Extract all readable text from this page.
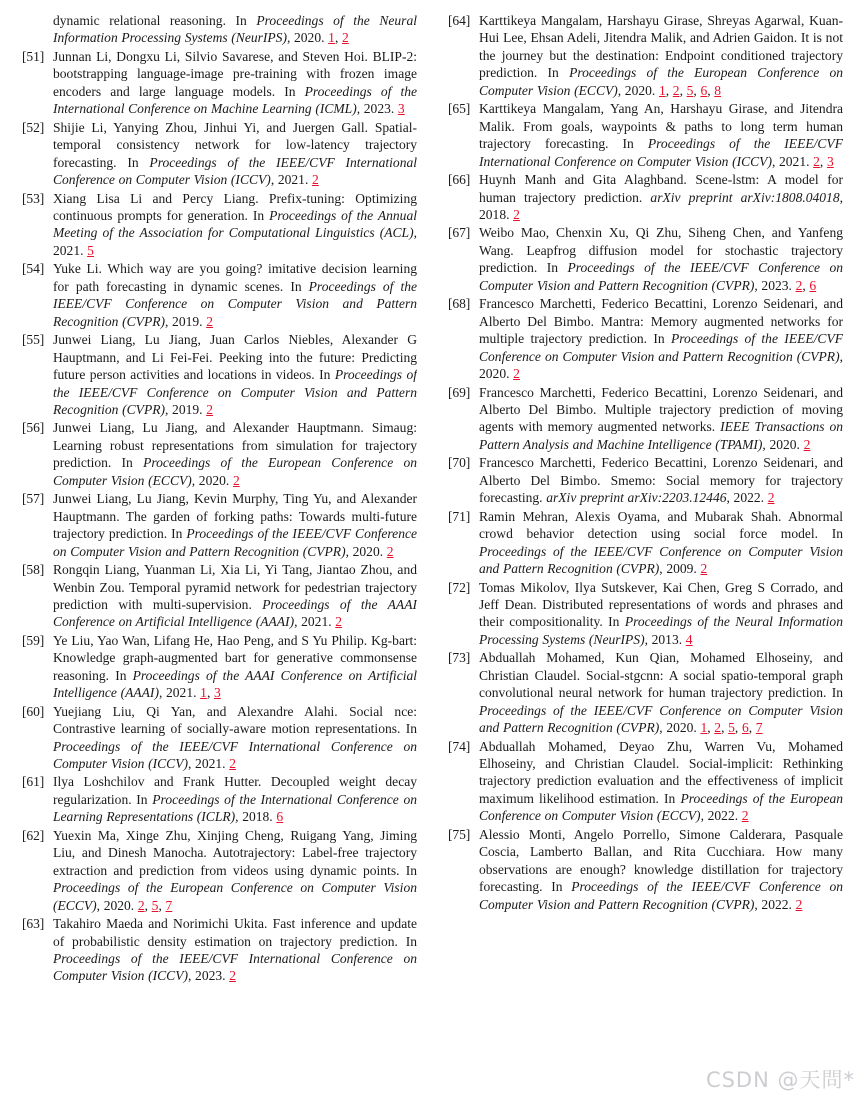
dynamic relational reasoning. In Proceedings of the Neural Information Processing Systems (NeurIPS), 2020. 1, 2
[51] Junnan Li, Dongxu Li, Silvio Savarese, and Steven Hoi. BLIP-2: bootstrapping language-image pre-training with frozen image encoders and large language models. In Proceedings of the International Conference on Machine Learning (ICML), 2023. 3
[52] Shijie Li, Yanying Zhou, Jinhui Yi, and Juergen Gall. Spatial-temporal consistency network for low-latency trajectory forecasting. In Proceedings of the IEEE/CVF International Conference on Computer Vision (ICCV), 2021. 2
[53] Xiang Lisa Li and Percy Liang. Prefix-tuning: Optimizing continuous prompts for generation. In Proceedings of the Annual Meeting of the Association for Computational Linguistics (ACL), 2021. 5
[54] Yuke Li. Which way are you going? imitative decision learning for path forecasting in dynamic scenes. In Proceedings of the IEEE/CVF Conference on Computer Vision and Pattern Recognition (CVPR), 2019. 2
[55] Junwei Liang, Lu Jiang, Juan Carlos Niebles, Alexander G Hauptmann, and Li Fei-Fei. Peeking into the future: Predicting future person activities and locations in videos. In Proceedings of the IEEE/CVF Conference on Computer Vision and Pattern Recognition (CVPR), 2019. 2
[56] Junwei Liang, Lu Jiang, and Alexander Hauptmann. Simaug: Learning robust representations from simulation for trajectory prediction. In Proceedings of the European Conference on Computer Vision (ECCV), 2020. 2
[57] Junwei Liang, Lu Jiang, Kevin Murphy, Ting Yu, and Alexander Hauptmann. The garden of forking paths: Towards multi-future trajectory prediction. In Proceedings of the IEEE/CVF Conference on Computer Vision and Pattern Recognition (CVPR), 2020. 2
[58] Rongqin Liang, Yuanman Li, Xia Li, Yi Tang, Jiantao Zhou, and Wenbin Zou. Temporal pyramid network for pedestrian trajectory prediction with multi-supervision. Proceedings of the AAAI Conference on Artificial Intelligence (AAAI), 2021. 2
[59] Ye Liu, Yao Wan, Lifang He, Hao Peng, and S Yu Philip. Kg-bart: Knowledge graph-augmented bart for generative commonsense reasoning. In Proceedings of the AAAI Conference on Artificial Intelligence (AAAI), 2021. 1, 3
[60] Yuejiang Liu, Qi Yan, and Alexandre Alahi. Social nce: Contrastive learning of socially-aware motion representations. In Proceedings of the IEEE/CVF International Conference on Computer Vision (ICCV), 2021. 2
[61] Ilya Loshchilov and Frank Hutter. Decoupled weight decay regularization. In Proceedings of the International Conference on Learning Representations (ICLR), 2018. 6
[62] Yuexin Ma, Xinge Zhu, Xinjing Cheng, Ruigang Yang, Jiming Liu, and Dinesh Manocha. Autotrajectory: Label-free trajectory extraction and prediction from videos using dynamic points. In Proceedings of the European Conference on Computer Vision (ECCV), 2020. 2, 5, 7
[63] Takahiro Maeda and Norimichi Ukita. Fast inference and update of probabilistic density estimation on trajectory prediction. In Proceedings of the IEEE/CVF International Conference on Computer Vision (ICCV), 2023. 2
[64] Karttikeya Mangalam, Harshayu Girase, Shreyas Agarwal, Kuan-Hui Lee, Ehsan Adeli, Jitendra Malik, and Adrien Gaidon. It is not the journey but the destination: Endpoint conditioned trajectory prediction. In Proceedings of the European Conference on Computer Vision (ECCV), 2020. 1, 2, 5, 6, 8
[65] Karttikeya Mangalam, Yang An, Harshayu Girase, and Jitendra Malik. From goals, waypoints & paths to long term human trajectory forecasting. In Proceedings of the IEEE/CVF International Conference on Computer Vision (ICCV), 2021. 2, 3
[66] Huynh Manh and Gita Alaghband. Scene-lstm: A model for human trajectory prediction. arXiv preprint arXiv:1808.04018, 2018. 2
[67] Weibo Mao, Chenxin Xu, Qi Zhu, Siheng Chen, and Yanfeng Wang. Leapfrog diffusion model for stochastic trajectory prediction. In Proceedings of the IEEE/CVF Conference on Computer Vision and Pattern Recognition (CVPR), 2023. 2, 6
[68] Francesco Marchetti, Federico Becattini, Lorenzo Seidenari, and Alberto Del Bimbo. Mantra: Memory augmented networks for multiple trajectory prediction. In Proceedings of the IEEE/CVF Conference on Computer Vision and Pattern Recognition (CVPR), 2020. 2
[69] Francesco Marchetti, Federico Becattini, Lorenzo Seidenari, and Alberto Del Bimbo. Multiple trajectory prediction of moving agents with memory augmented networks. IEEE Transactions on Pattern Analysis and Machine Intelligence (TPAMI), 2020. 2
[70] Francesco Marchetti, Federico Becattini, Lorenzo Seidenari, and Alberto Del Bimbo. Smemo: Social memory for trajectory forecasting. arXiv preprint arXiv:2203.12446, 2022. 2
[71] Ramin Mehran, Alexis Oyama, and Mubarak Shah. Abnormal crowd behavior detection using social force model. In Proceedings of the IEEE/CVF Conference on Computer Vision and Pattern Recognition (CVPR), 2009. 2
[72] Tomas Mikolov, Ilya Sutskever, Kai Chen, Greg S Corrado, and Jeff Dean. Distributed representations of words and phrases and their compositionality. In Proceedings of the Neural Information Processing Systems (NeurIPS), 2013. 4
[73] Abduallah Mohamed, Kun Qian, Mohamed Elhoseiny, and Christian Claudel. Social-stgcnn: A social spatio-temporal graph convolutional neural network for human trajectory prediction. In Proceedings of the IEEE/CVF Conference on Computer Vision and Pattern Recognition (CVPR), 2020. 1, 2, 5, 6, 7
[74] Abduallah Mohamed, Deyao Zhu, Warren Vu, Mohamed Elhoseiny, and Christian Claudel. Social-implicit: Rethinking trajectory prediction evaluation and the effectiveness of implicit maximum likelihood estimation. In Proceedings of the European Conference on Computer Vision (ECCV), 2022. 2
[75] Alessio Monti, Angelo Porrello, Simone Calderara, Pasquale Coscia, Lamberto Ballan, and Rita Cucchiara. How many observations are enough? knowledge distillation for trajectory forecasting. In Proceedings of the IEEE/CVF Conference on Computer Vision and Pattern Recognition (CVPR), 2022. 2
CSDN @天問*
